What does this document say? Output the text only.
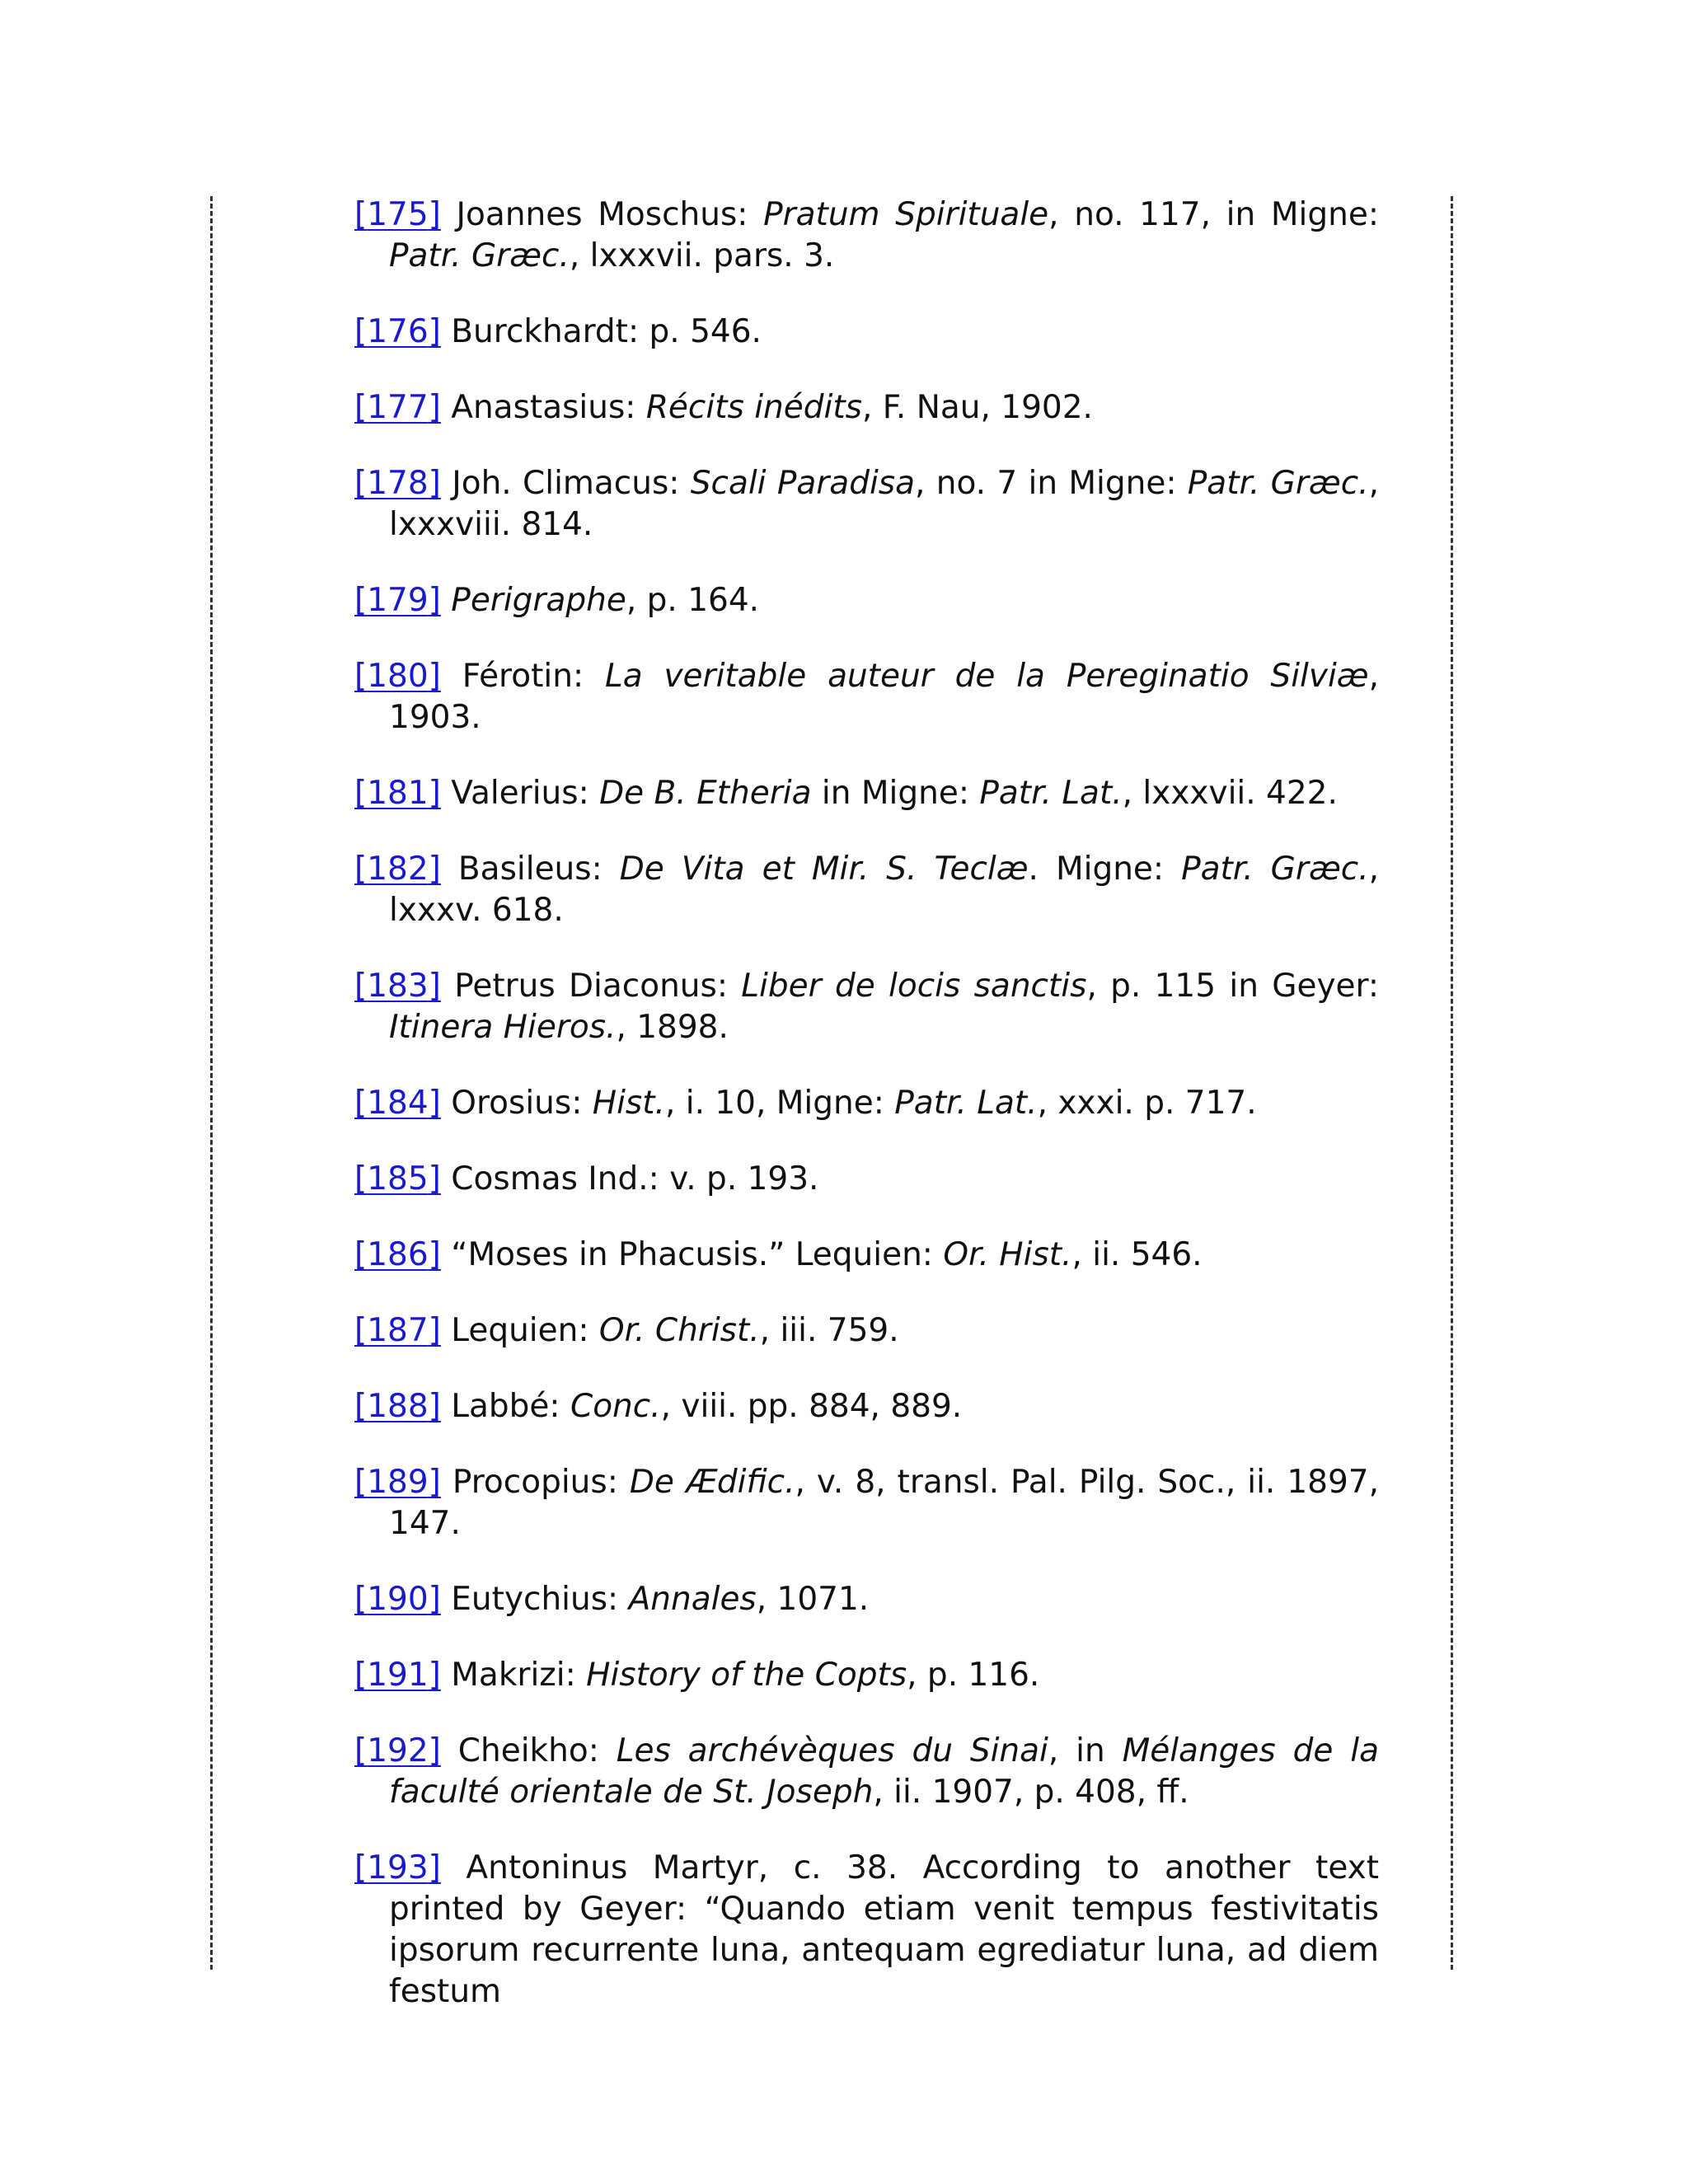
[ 175 ] Joannes Moschus: Pratum Spirituale, no. 117, in Migne: Patr. Græc., lxxxvii. pars. 3.

[ 176 ] Burckhardt: p. 546.

[ 177 ] Anastasius: Récits inédits, F. Nau, 1902.

[ 178 ] Joh. Climacus: Scali Paradisa, no. 7 in Migne: Patr. Græc., lxxxviii. 814.

[ 179 ] Perigraphe, p. 164.

[ 180 ] Férotin: La veritable auteur de la Pereginatio Silviæ, 1903.

[ 181 ] Valerius: De B. Etheria in Migne: Patr. Lat., lxxxvii. 422.

[ 182 ] Basileus: De Vita et Mir. S. Teclæ. Migne: Patr. Græc., lxxxv. 618.

[ 183 ] Petrus Diaconus: Liber de locis sanctis, p. 115 in Geyer: Itinera Hieros., 1898.

[ 184 ] Orosius: Hist., i. 10, Migne: Patr. Lat., xxxi. p. 717.

[ 185 ] Cosmas Ind.: v. p. 193.

[ 186 ] “Moses in Phacusis.” Lequien: Or. Hist., ii. 546.

[ 187 ] Lequien: Or. Christ., iii. 759.

[ 188 ] Labbé: Conc., viii. pp. 884, 889.

[ 189 ] Procopius: De Ædific., v. 8, transl. Pal. Pilg. Soc., ii. 1897, 147.

[ 190 ] Eutychius: Annales, 1071.

[ 191 ] Makrizi: History of the Copts, p. 116.

[ 192 ] Cheikho: Les archévèques du Sinai, in Mélanges de la faculté orientale de St. Joseph, ii. 1907, p. 408, ff.

[ 193 ] Antoninus Martyr, c. 38. According to another text printed by Geyer: “Quando etiam venit tempus festivitatis ipsorum recurrente luna, antequam egrediatur luna, ad diem festum
